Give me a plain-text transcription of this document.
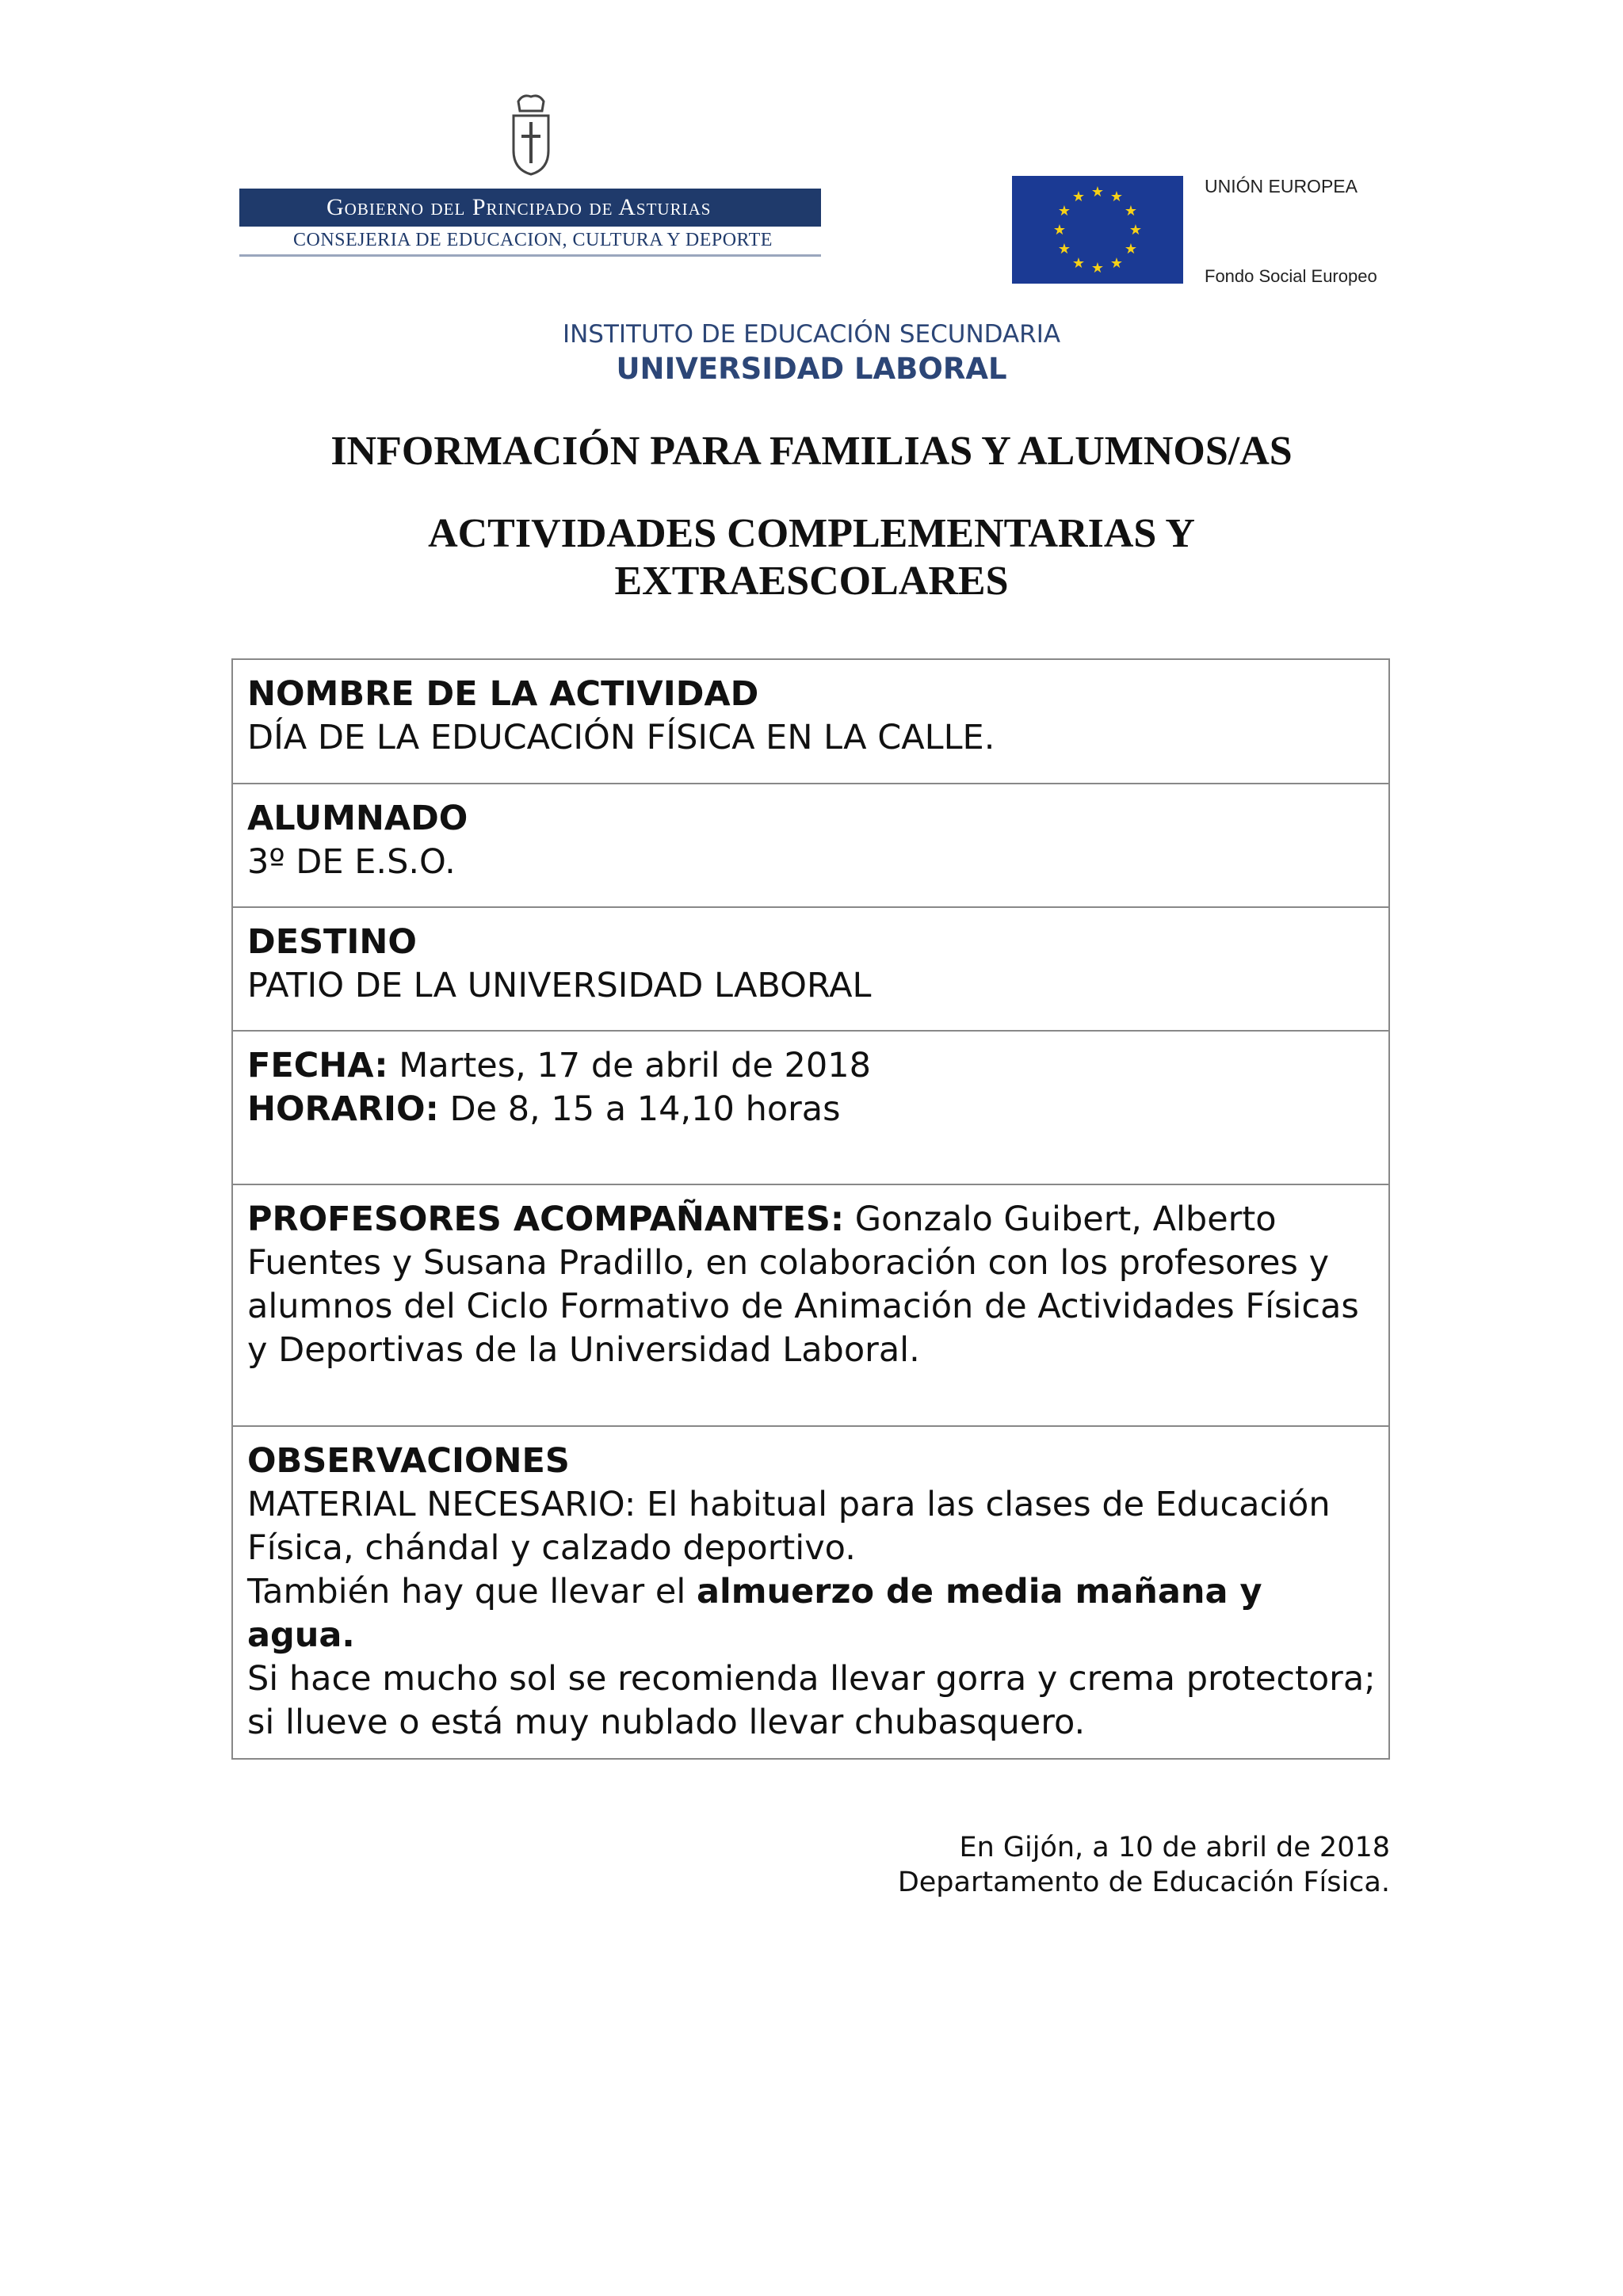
Gobierno del Principado de Asturias
CONSEJERIA DE EDUCACION, CULTURA Y DEPORTE
★ ★
★
★
★
★
★
★
★
★
★
★
UNIÓN EUROPEA
Fondo Social Europeo
INSTITUTO DE EDUCACIÓN SECUNDARIA
UNIVERSIDAD LABORAL
INFORMACIÓN PARA FAMILIAS Y ALUMNOS/AS
ACTIVIDADES COMPLEMENTARIAS Y
EXTRAESCOLARES
NOMBRE DE LA ACTIVIDAD
DÍA DE LA EDUCACIÓN FÍSICA EN LA CALLE.
ALUMNADO
3º DE E.S.O.
DESTINO
PATIO DE LA UNIVERSIDAD LABORAL
FECHA: Martes, 17 de abril de 2018
HORARIO: De 8, 15 a 14,10 horas
PROFESORES ACOMPAÑANTES: Gonzalo Guibert, Alberto Fuentes y Susana Pradillo, en colaboración con los profesores y alumnos del Ciclo Formativo de Animación de Actividades Físicas y Deportivas de la Universidad Laboral.
OBSERVACIONES
MATERIAL NECESARIO: El habitual para las clases de Educación Física, chándal y calzado deportivo.
También hay que llevar el almuerzo de media mañana y agua.
Si hace mucho sol se recomienda llevar gorra y crema protectora; si llueve o está muy nublado llevar chubasquero.
En Gijón, a 10 de abril de 2018
Departamento de Educación Física.
